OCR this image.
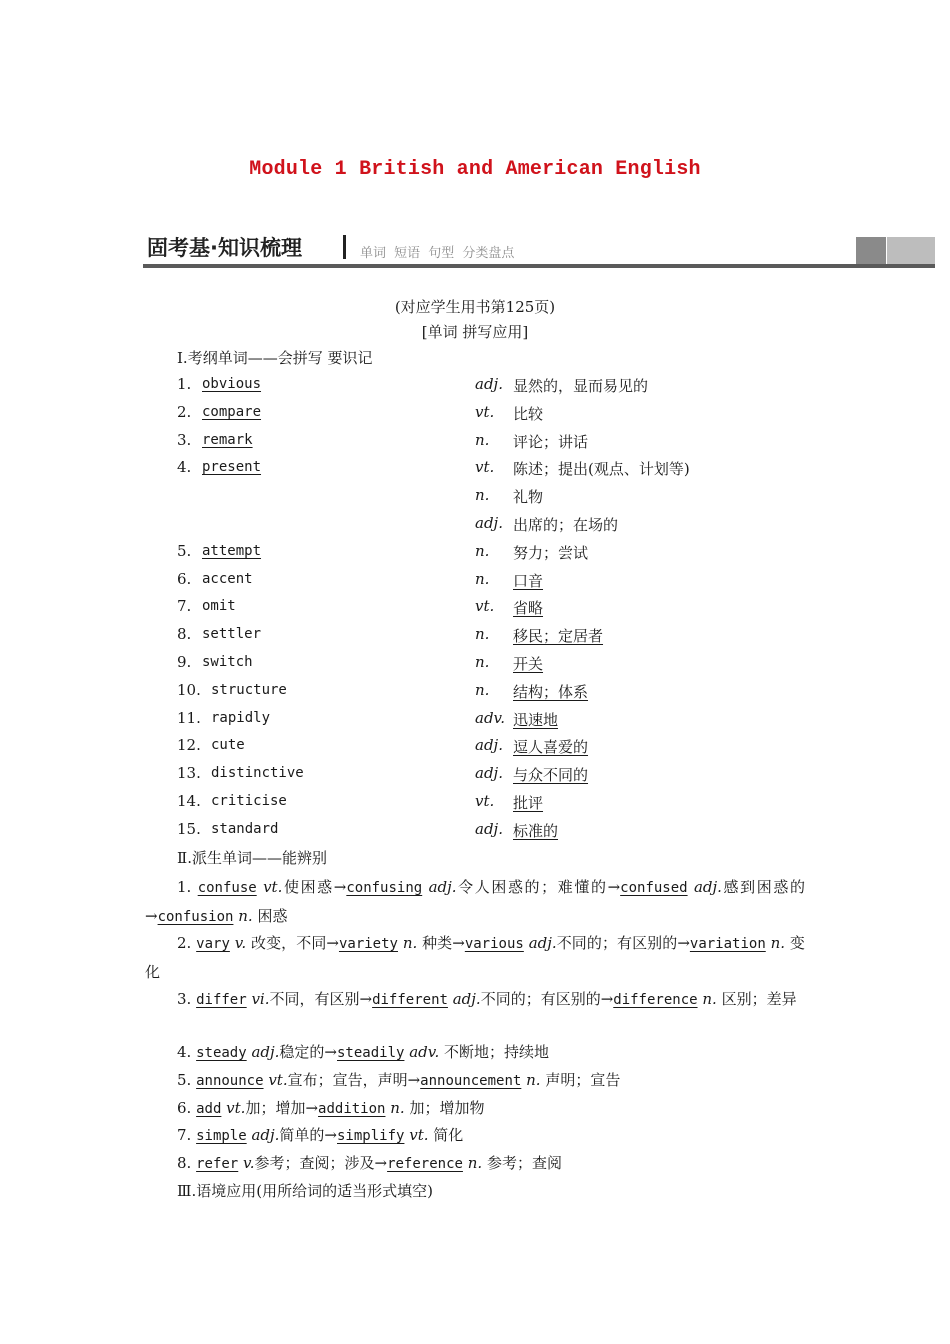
Module 1 British and American English
固考基·知识梳理	单词 短语 句型 分类盘点
(对应学生用书第125页)
[单词 拼写应用]
Ⅰ.考纲单词——会拼写 要识记
1. obvious	adj. 显然的，显而易见的
2. compare	vt. 比较
3. remark	n. 评论；讲话
4. present	vt. 陈述；提出(观点、计划等)
n. 礼物
adj. 出席的；在场的
5. attempt	n. 努力；尝试
6. accent	n. 口音
7. omit	vt. 省略
8. settler	n. 移民；定居者
9. switch	n. 开关
10. structure	n. 结构；体系
11. rapidly	adv. 迅速地
12. cute	adj. 逗人喜爱的
13. distinctive	adj. 与众不同的
14. criticise	vt. 批评
15. standard	adj. 标准的
Ⅱ.派生单词——能辨别
1. confuse vt.使困惑→confusing adj.令人困惑的；难懂的→confused adj.感到困惑的→confusion n. 困惑
2. vary v. 改变，不同→variety n. 种类→various adj.不同的；有区别的→variation n. 变化
3. differ vi.不同，有区别→different adj.不同的；有区别的→difference n. 区别；差异
4. steady adj.稳定的→steadily adv. 不断地；持续地
5. announce vt.宣布；宣告，声明→announcement n. 声明；宣告
6. add vt.加；增加→addition n. 加；增加物
7. simple adj.简单的→simplify vt. 简化
8. refer v.参考；查阅；涉及→reference n. 参考；查阅
Ⅲ.语境应用(用所给词的适当形式填空)
